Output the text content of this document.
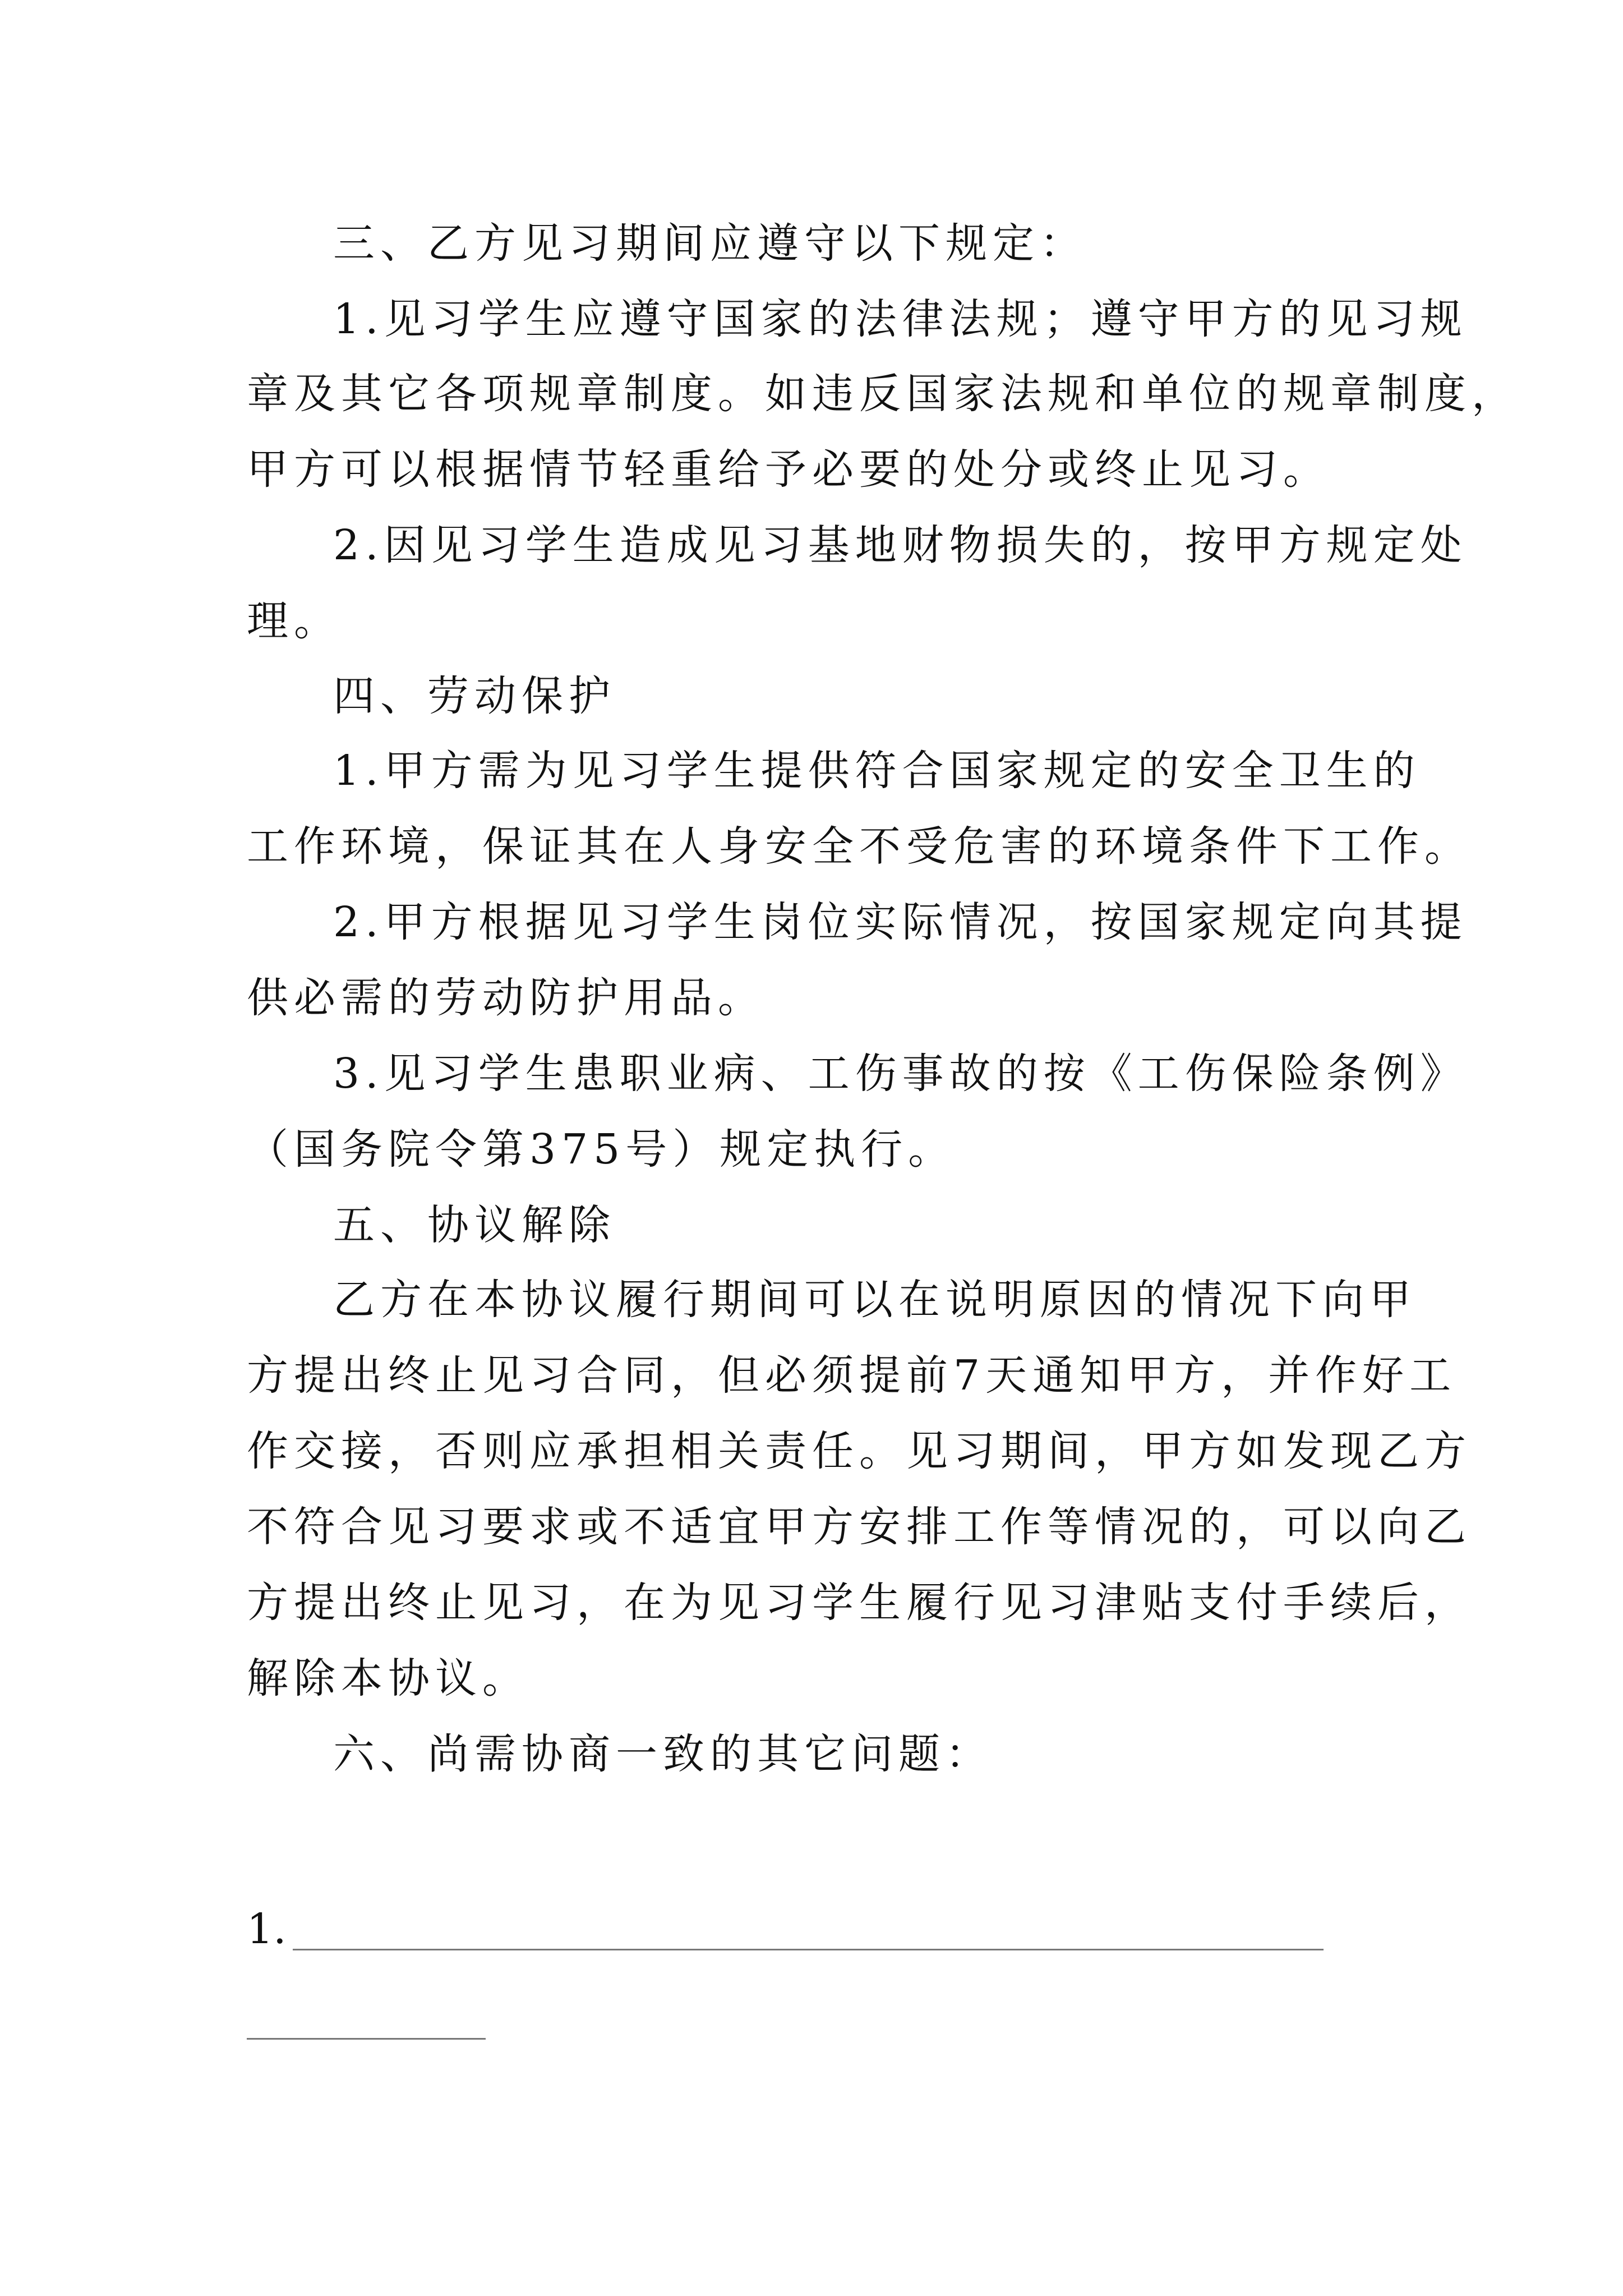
三、乙方见习期间应遵守以下规定：
1.见习学生应遵守国家的法律法规；遵守甲方的见习规
章及其它各项规章制度。如违反国家法规和单位的规章制度，
甲方可以根据情节轻重给予必要的处分或终止见习。
2.因见习学生造成见习基地财物损失的，按甲方规定处
理。
四、劳动保护
1.甲方需为见习学生提供符合国家规定的安全卫生的
工作环境，保证其在人身安全不受危害的环境条件下工作。
2.甲方根据见习学生岗位实际情况，按国家规定向其提
供必需的劳动防护用品。
3.见习学生患职业病、工伤事故的按《工伤保险条例》
（国务院令第375号）规定执行。
五、协议解除
乙方在本协议履行期间可以在说明原因的情况下向甲
方提出终止见习合同，但必须提前7天通知甲方，并作好工
作交接，否则应承担相关责任。见习期间，甲方如发现乙方
不符合见习要求或不适宜甲方安排工作等情况的，可以向乙
方提出终止见习，在为见习学生履行见习津贴支付手续后，
解除本协议。
六、尚需协商一致的其它问题：
1.
